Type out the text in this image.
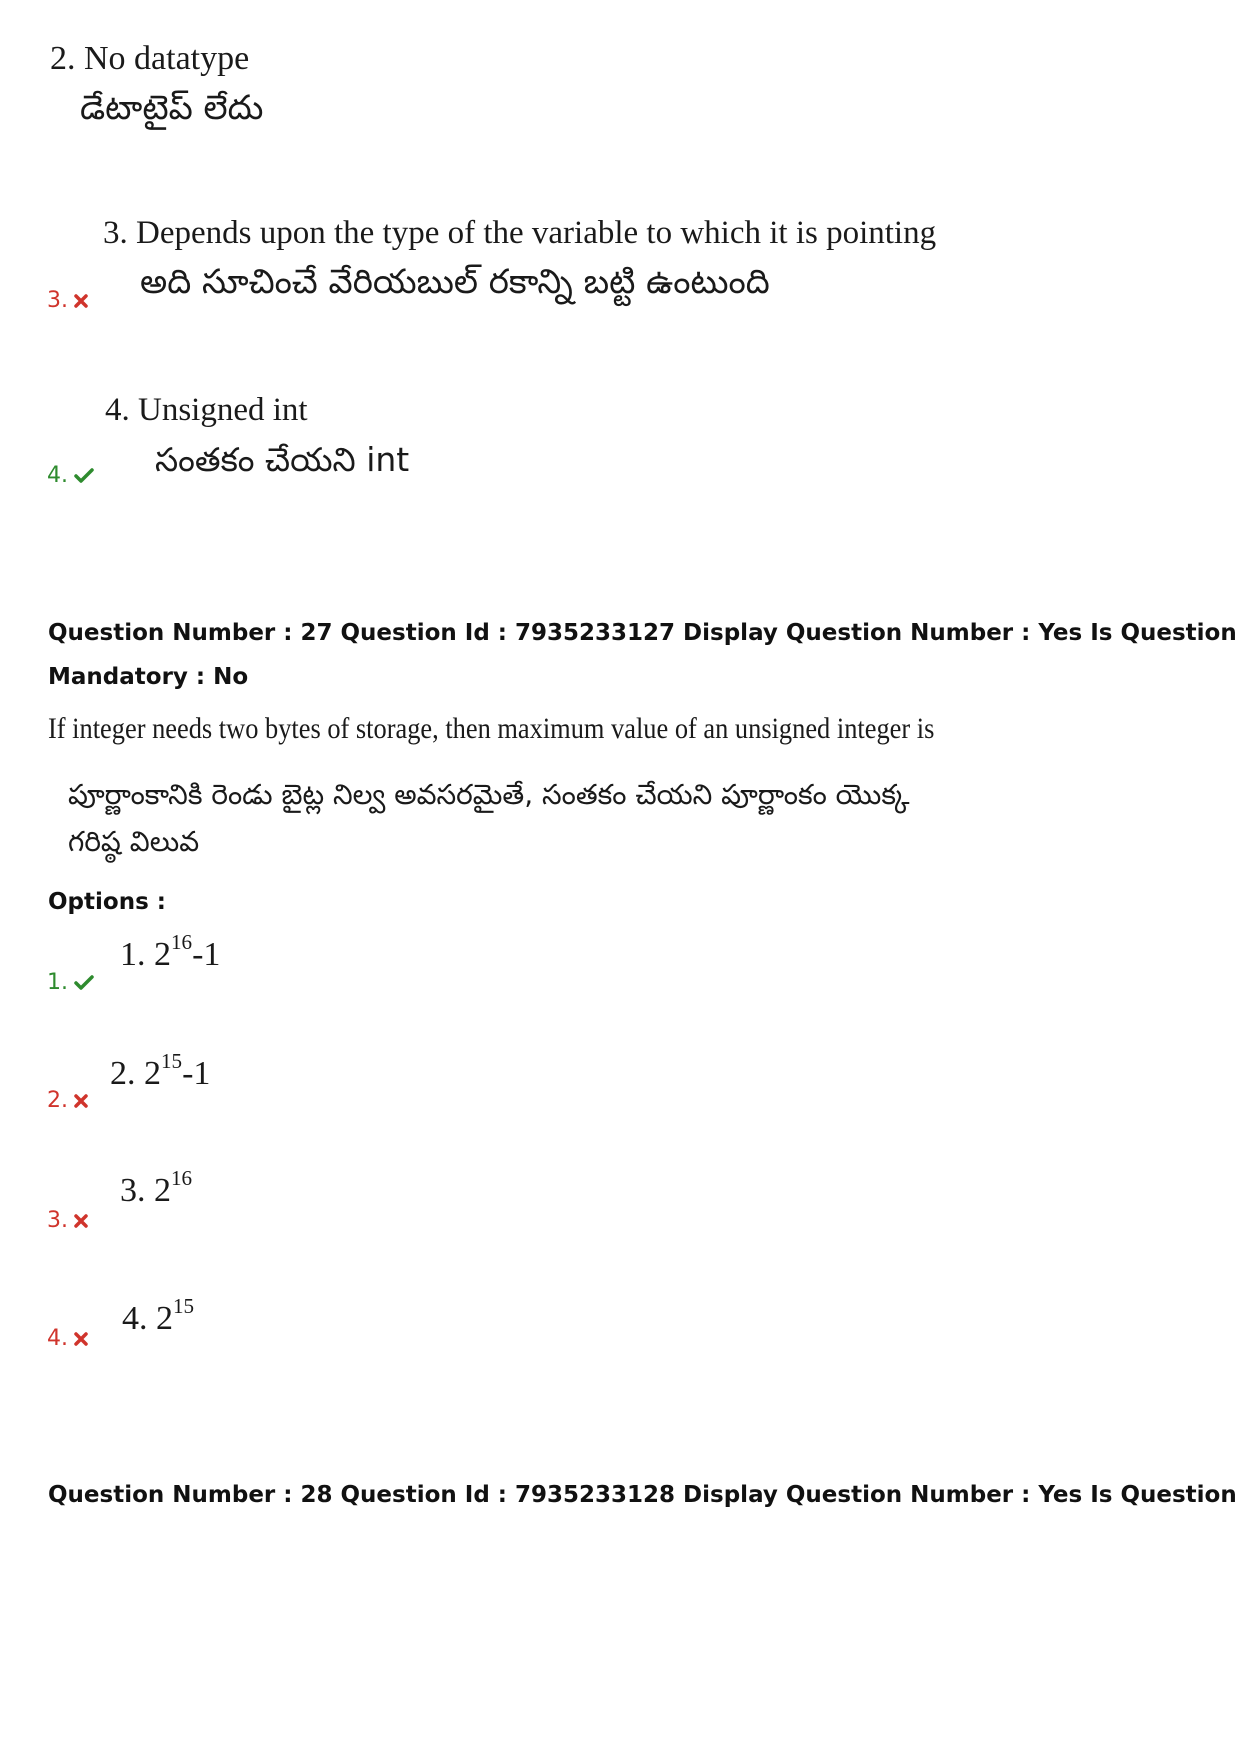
2. No datatype
డేటాటైప్ లేదు
3. Depends upon the type of the variable to which it is pointing
అది సూచించే వేరియబుల్ రకాన్ని బట్టి ఉంటుంది
3.
4. Unsigned int
సంతకం చేయని int
4.
Question Number : 27 Question Id : 7935233127 Display Question Number : Yes Is Question
Mandatory : No
If integer needs two bytes of storage, then maximum value of an unsigned integer is
పూర్ణాంకానికి రెండు బైట్ల నిల్వ అవసరమైతే, సంతకం చేయని పూర్ణాంకం యొక్క
గరిష్ఠ విలువ
Options :
1. $2^{16}-1$
1.
2. $2^{15}-1$
2.
3. $2^{16}$
3.
4. $2^{15}$
4.
Question Number : 28 Question Id : 7935233128 Display Question Number : Yes Is Question
